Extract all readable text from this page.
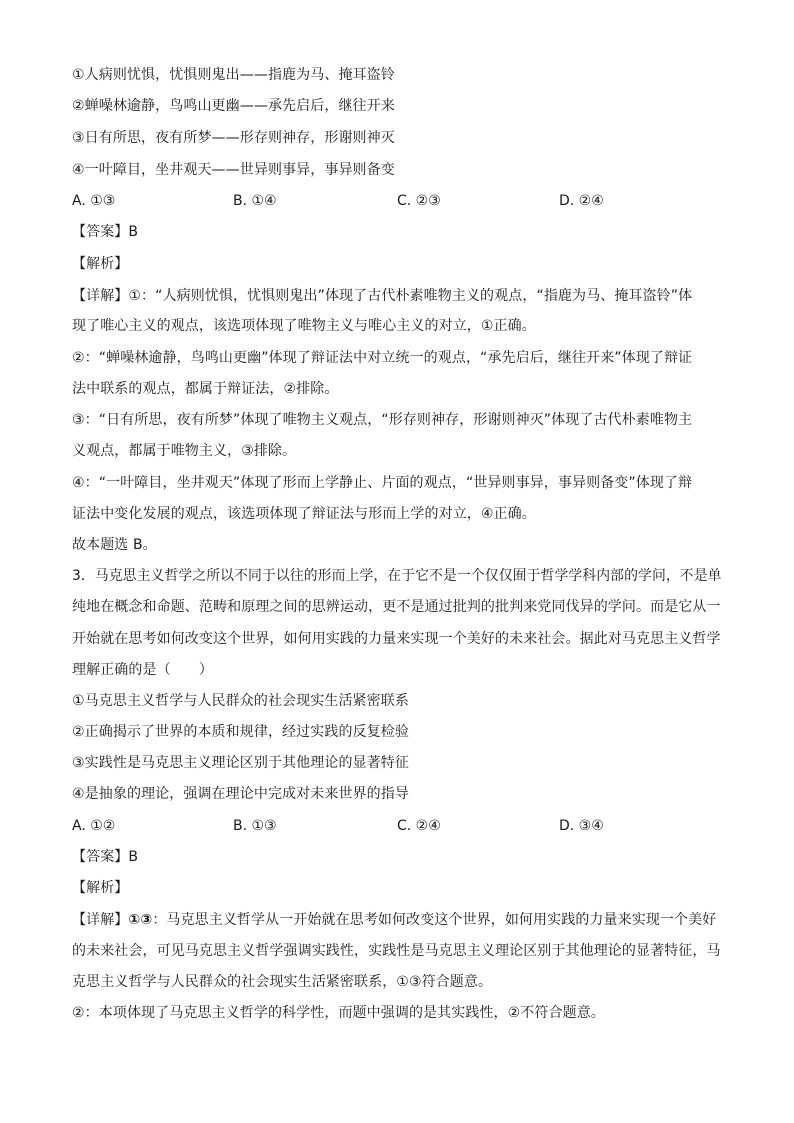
①人病则忧惧，忧惧则鬼出——指鹿为马、掩耳盗铃
②蝉噪林逾静，鸟鸣山更幽——承先启后，继往开来
③日有所思，夜有所梦——形存则神存，形谢则神灭
④一叶障目，坐井观天——世异则事异，事异则备变
A. ①③	B. ①④	C. ②③	D. ②④
【答案】B
【解析】
【详解】①：“人病则忧惧，忧惧则鬼出”体现了古代朴素唯物主义的观点，“指鹿为马、掩耳盗铃”体
现了唯心主义的观点，该选项体现了唯物主义与唯心主义的对立，①正确。
②：“蝉噪林逾静，鸟鸣山更幽”体现了辩证法中对立统一的观点，“承先启后，继往开来”体现了辩证
法中联系的观点，都属于辩证法，②排除。
③：“日有所思，夜有所梦”体现了唯物主义观点，“形存则神存，形谢则神灭”体现了古代朴素唯物主
义观点，都属于唯物主义，③排除。
④：“一叶障目，坐井观天”体现了形而上学静止、片面的观点，“世异则事异，事异则备变”体现了辩
证法中变化发展的观点，该选项体现了辩证法与形而上学的对立，④正确。
故本题选 B。
3．马克思主义哲学之所以不同于以往的形而上学，在于它不是一个仅仅囿于哲学学科内部的学问，不是单
纯地在概念和命题、范畴和原理之间的思辨运动，更不是通过批判的批判来党同伐异的学问。而是它从一
开始就在思考如何改变这个世界，如何用实践的力量来实现一个美好的未来社会。据此对马克思主义哲学
理解正确的是（　　）
①马克思主义哲学与人民群众的社会现实生活紧密联系
②正确揭示了世界的本质和规律，经过实践的反复检验
③实践性是马克思主义理论区别于其他理论的显著特征
④是抽象的理论，强调在理论中完成对未来世界的指导
A. ①②	B. ①③	C. ②④	D. ③④
【答案】B
【解析】
【详解】①③：马克思主义哲学从一开始就在思考如何改变这个世界，如何用实践的力量来实现一个美好
的未来社会，可见马克思主义哲学强调实践性，实践性是马克思主义理论区别于其他理论的显著特征，马
克思主义哲学与人民群众的社会现实生活紧密联系，①③符合题意。
②：本项体现了马克思主义哲学的科学性，而题中强调的是其实践性，②不符合题意。
